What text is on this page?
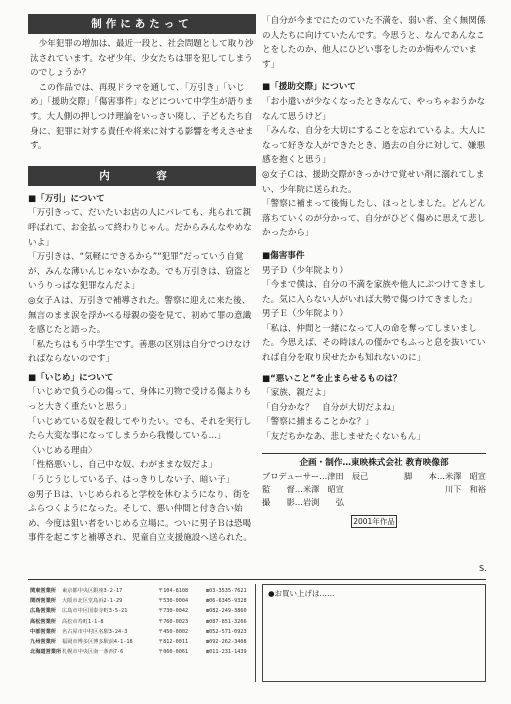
制作にあたって

少年犯罪の増加は、最近一段と、社会問題として取り沙汰されています。なぜ少年、少女たちは罪を犯してしまうのでしょうか？

この作品では、再現ドラマを通して、「万引き」「いじめ」「援助交際」「傷害事件」などについて中学生が語ります。大人側の押しつけ理論をいっさい廃し、子どもたち自身に、犯罪に対する責任や将来に対する影響を考えさせます。

内　容
■「万引」について

「万引きって、だいたいお店の人にバレても、兆られて親呼ばれて、お金払って終わりじゃん。だからみんなやめないよ」

「万引きは、“気軽にできるから”“犯罪”だっていう自覚が、みんな薄いんじゃないかなあ。でも万引きは、窃盗というりっぱな犯罪なんだよ」

◎女子Ａは、万引きで補導された。警察に迎えに来た後、無言のまま涙を浮かべる母親の姿を見て、初めて罪の意識を感じたと語った。

「私たちはもう中学生です。善悪の区別は自分でつけなければならないのです」

■「いじめ」について

「いじめで負う心の傷って、身体に刃物で受ける傷よりもっと大きく重たいと思う」

「いじめている奴を殺してやりたい。でも、それを実行したら大変な事になってしまうから我慢している…」

〈いじめる理由〉

「性格悪いし、自己中な奴、わがままな奴だよ」

「うじうじしている子、はっきりしない子、暗い子」

◎男子Ｂは、いじめられると学校を休むようになり、街をふらつくようになった。そして、悪い仲間と付き合い始め、今度は狙い者をいじめる立場に。ついに男子Ｂは恐喝事件を起こすと補導され、児童自立支援施設へ送られた。

「自分が今までにたのていた不満を、弱い者、全く無関係の人たちに向けていたんです。今思うと、なんであんなことをしたのか、他人にひどい事をしたのか悔やんでいます」

■「援助交際」について

「お小遣いが少なくなったときなんて、やっちゃおうかななんて思うけど」

「みんな、自分を大切にすることを忘れているよ。大人になって好きな人ができたとき、過去の自分に対して、嫌悪感を抱くと思う」

◎女子Ｃは、援助交際がきっかけで覚せい剤に溺れてしまい、少年院に送られた。

「警察に補まって後悔したし、ほっとしました。どんどん落ちていくのが分かって、自分がひどく傷めに思えて悲しかったから」

■傷害事件

男子Ｄ（少年院より）

「今まで僕は、自分の不満を家族や他人にぶつけてきました。気に入らない人がいれば大勢で傷つけてきました」

男子Ｅ（少年院より）

「私は、仲間と一緒になって人の命を奪ってしまいました。今思えば、その時ほんの僅かでもふっと息を抜いていれば自分を取り戻せたかも知れないのに」

■“悪いこと”を止まらせるものは？

「家族、親だよ」

「自分かな？　自分が大切だよね」

「警察に捕まることかな？」

「友だちかなあ、悲しませたくないもん」

企画・制作…東映株式会社 教育映像部
プロデューサー…津田　辰己	脚　　本…米澤　昭宣
監　　督…米澤　昭宣	川下　和裕
撮　　影…岩渕　　弘
2001年作品
S.
関東営業所	東京都中央区銀座3-2-17	〒104-8108	☎03-3535-7621
関西営業所	大阪市北区堂島浜2-1-29	〒530-0004	☎06-6345-9328
広島営業所	広島市中区国泰寺町3-5-21	〒730-0042	☎082-249-3860
高松営業所	高松市寿町1-1-8	〒760-0023	☎087-851-3266
中部営業所	名古屋市中村区名駅3-24-3	〒450-0002	☎052-571-0923
九州営業所	福岡市博多区博多駅前4-1-18	〒812-0011	☎092-262-3408
北海道営業所 札幌市中央区南一条西7-6	〒060-0061	☎011-231-1439
●お買い上げは……
